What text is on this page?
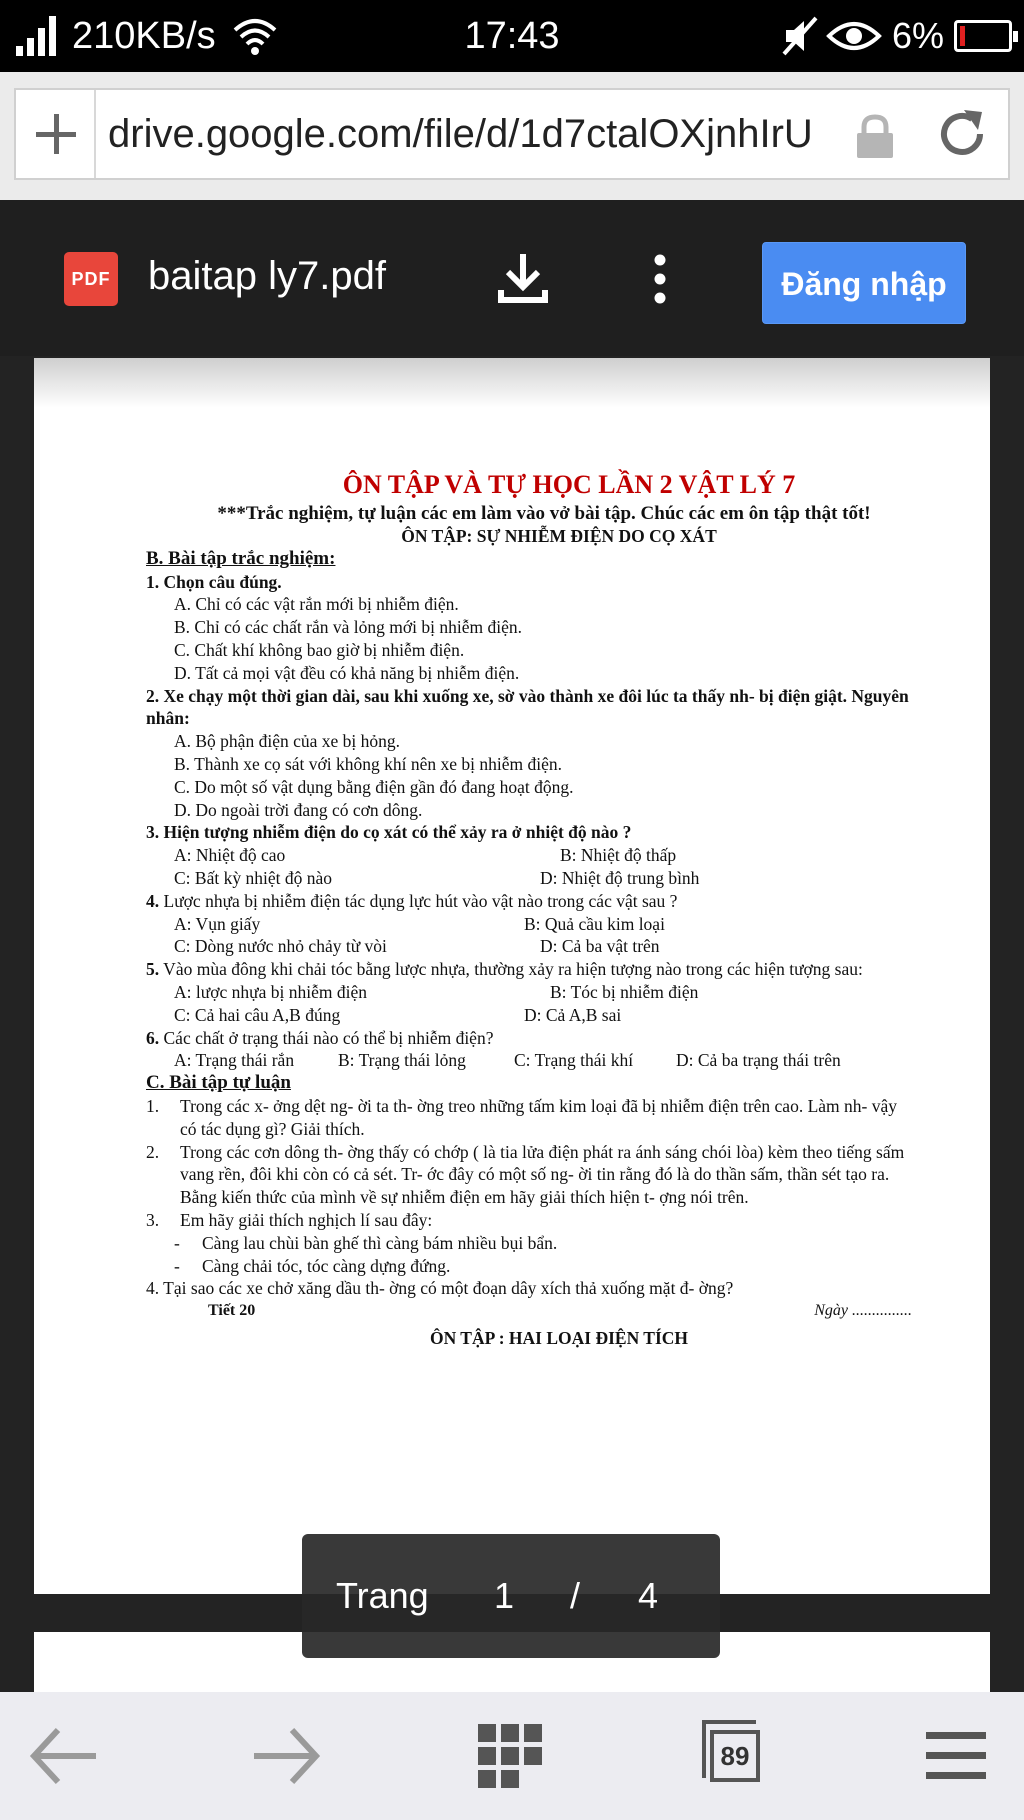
210KB/s	17:43	6%
drive.google.com/file/d/1d7ctalOXjnhIrU
PDF baitap ly7.pdf	Đăng nhập
ÔN TẬP VÀ TỰ HỌC LẦN 2 VẬT LÝ 7
***Trắc nghiệm, tự luận các em làm vào vở bài tập. Chúc các em ôn tập thật tốt!
ÔN TẬP: SỰ NHIỄM ĐIỆN DO CỌ XÁT
B. Bài tập trắc nghiệm:
1. Chọn câu đúng.
A. Chỉ có các vật rắn mới bị nhiễm điện.
B. Chỉ có các chất rắn và lỏng mới bị nhiễm điện.
C. Chất khí không bao giờ bị nhiễm điện.
D. Tất cả mọi vật đều có khả năng bị nhiễm điện.
2. Xe chạy một thời gian dài, sau khi xuống xe, sờ vào thành xe đôi lúc ta thấy nh- bị điện giật. Nguyên nhân:
A. Bộ phận điện của xe bị hỏng.
B. Thành xe cọ sát với không khí nên xe bị nhiễm điện.
C. Do một số vật dụng bằng điện gần đó đang hoạt động.
D. Do ngoài trời đang có cơn dông.
3. Hiện tượng nhiễm điện do cọ xát có thể xảy ra ở nhiệt độ nào ?
A: Nhiệt độ cao	B: Nhiệt độ thấp
C: Bất kỳ nhiệt độ nào	D: Nhiệt độ trung bình
4. Lược nhựa bị nhiễm điện tác dụng lực hút vào vật nào trong các vật sau ?
A: Vụn giấy	B: Quả cầu kim loại
C: Dòng nước nhỏ chảy từ vòi	D: Cả ba vật trên
5. Vào mùa đông khi chải tóc bằng lược nhựa, thường xảy ra hiện tượng nào trong các hiện tượng sau:
A: lược nhựa bị nhiễm điện	B: Tóc bị nhiễm điện
C: Cả hai câu A,B đúng	D: Cả A,B sai
6. Các chất ở trạng thái nào có thể bị nhiễm điện?
A: Trạng thái rắn	B: Trạng thái lỏng	C: Trạng thái khí	D: Cả ba trạng thái trên
C. Bài tập tự luận
1. Trong các x- ởng dệt ng- ời ta th- ờng treo những tấm kim loại đã bị nhiễm điện trên cao. Làm nh- vậy có tác dụng gì? Giải thích.
2. Trong các cơn dông th- ờng thấy có chớp ( là tia lửa điện phát ra ánh sáng chói lòa) kèm theo tiếng sấm vang rền, đôi khi còn có cả sét. Tr- ớc đây có một số ng- ời tin rằng đó là do thần sấm, thần sét tạo ra. Bằng kiến thức của mình về sự nhiễm điện em hãy giải thích hiện t- ợng nói trên.
3. Em hãy giải thích nghịch lí sau đây:
- Càng lau chùi bàn ghế thì càng bám nhiều bụi bẩn.
- Càng chải tóc, tóc càng dựng đứng.
4. Tại sao các xe chở xăng dầu th- ờng có một đoạn dây xích thả xuống mặt đ- ờng?
Tiết 20	Ngày ...............
ÔN TẬP : HAI LOẠI ĐIỆN TÍCH
Trang 1 / 4
89
